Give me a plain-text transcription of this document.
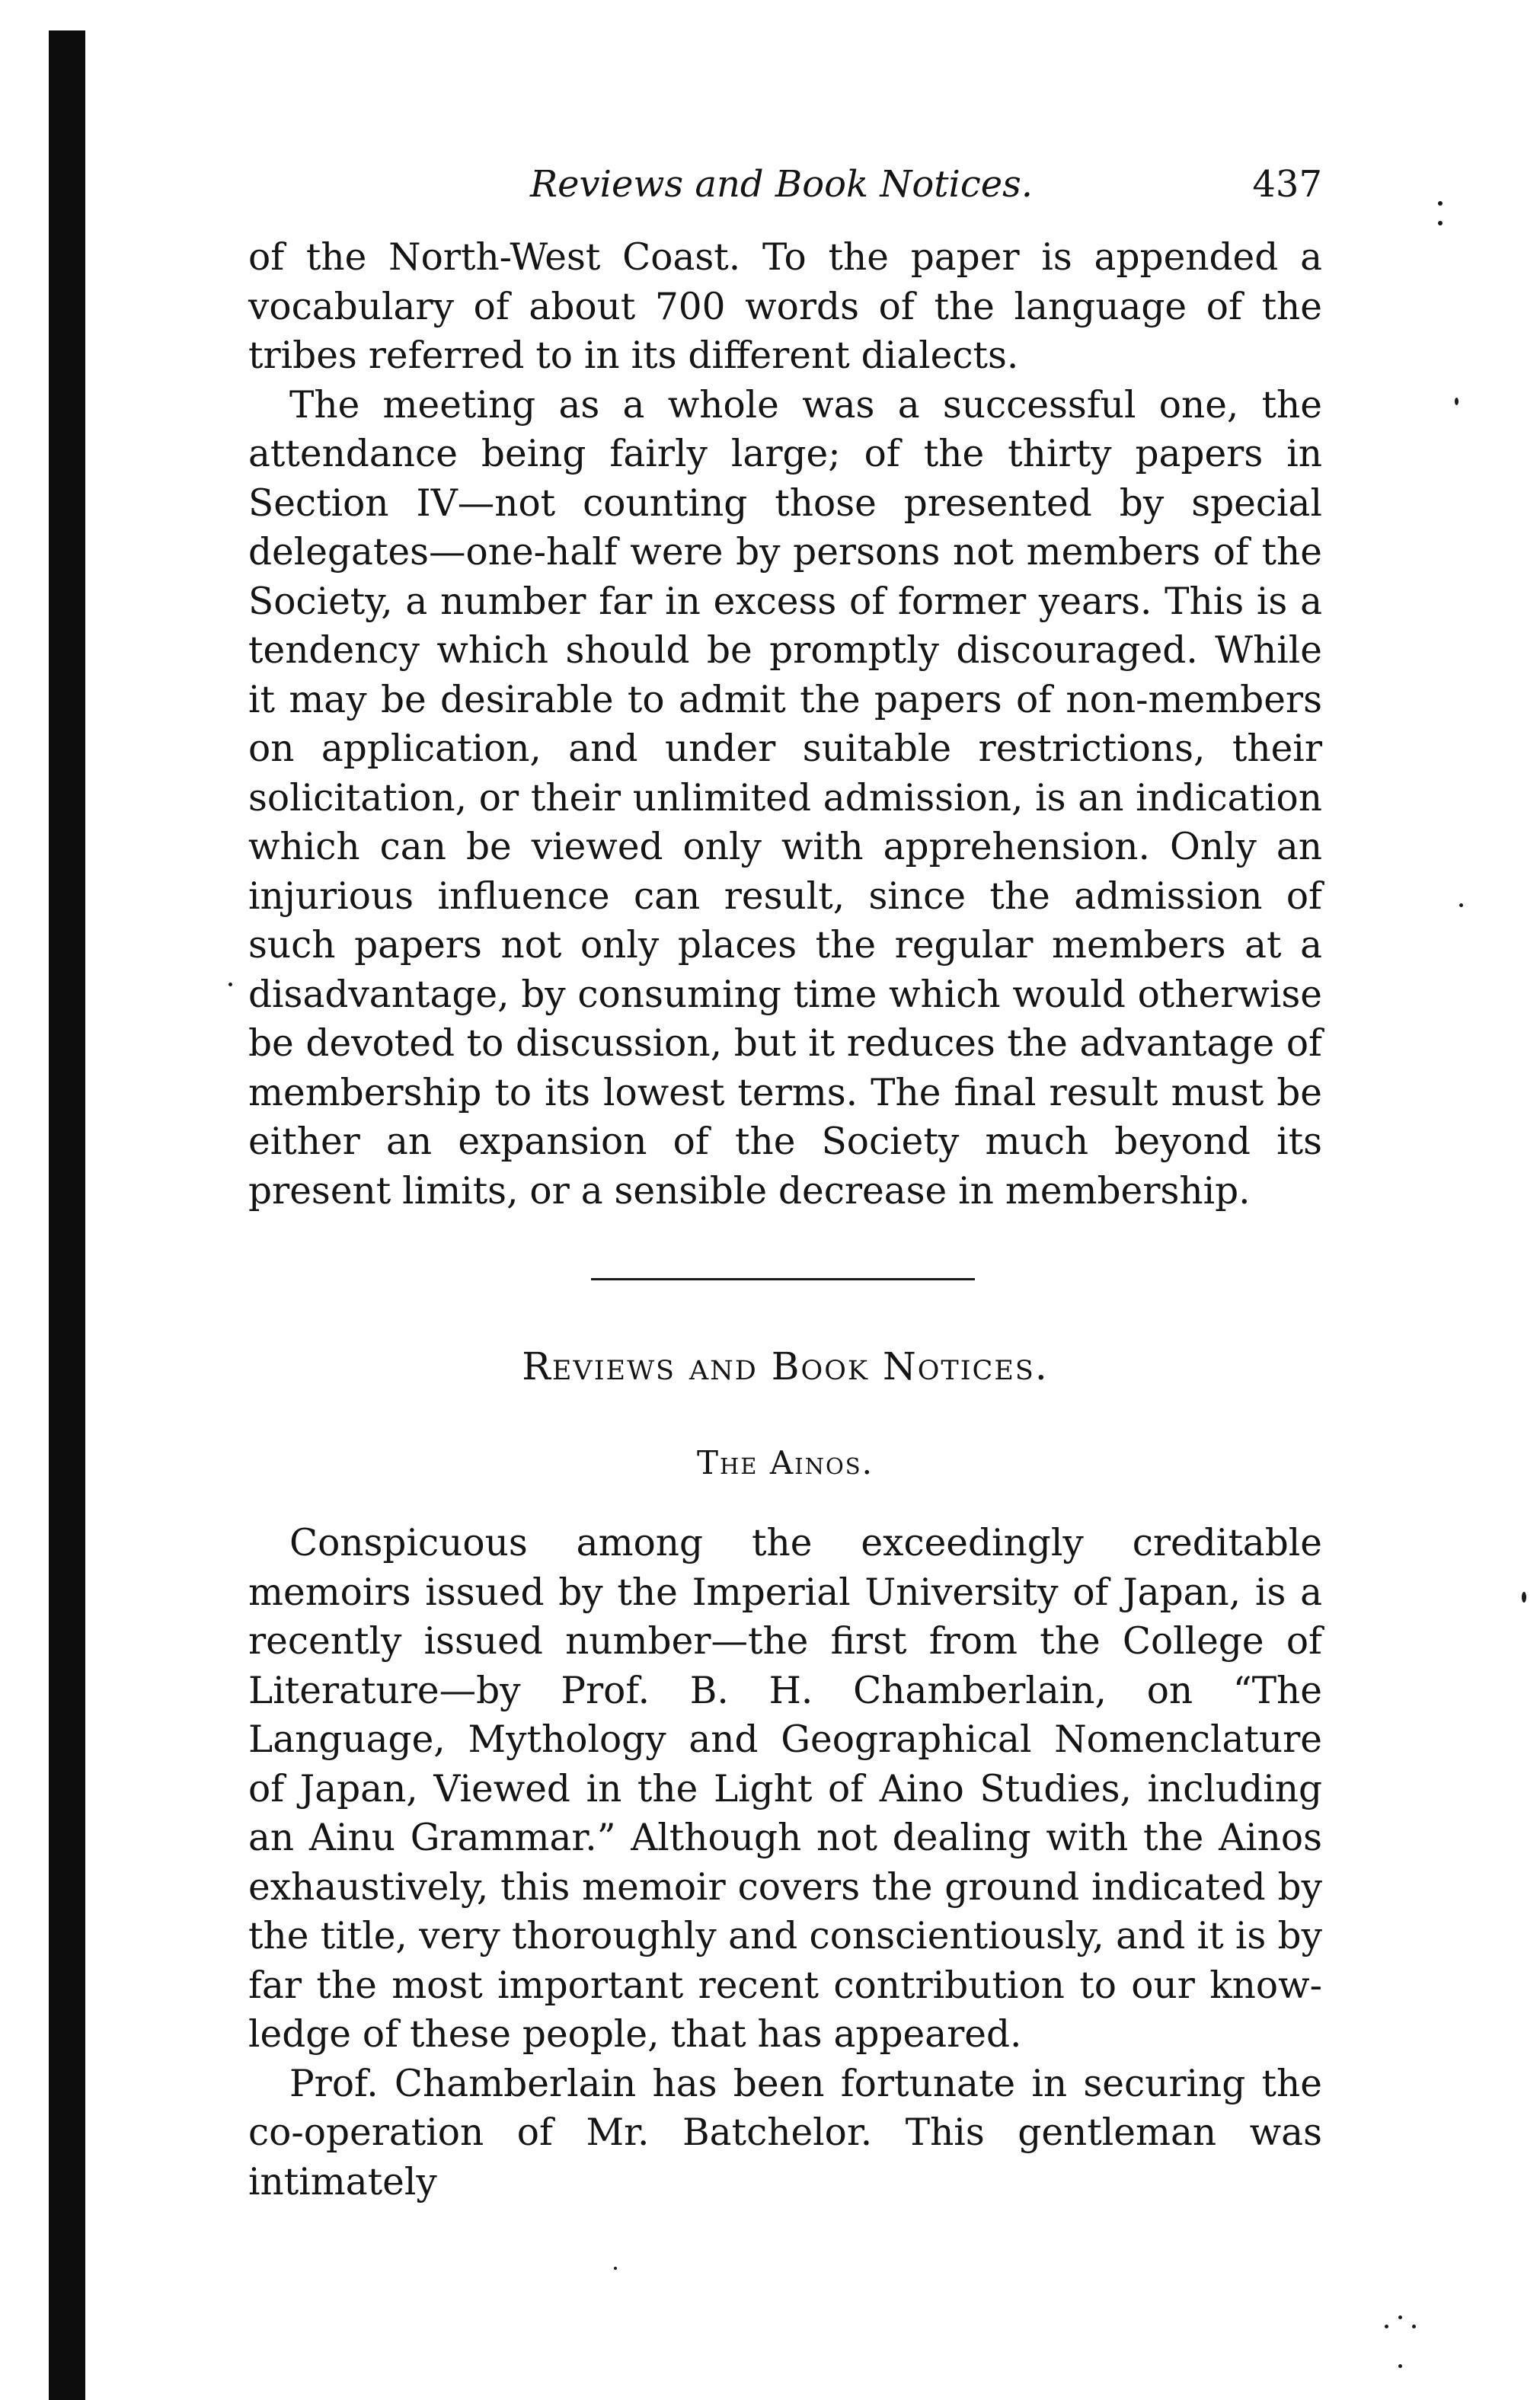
Reviews and Book Notices.	437

of the North-West Coast. To the paper is appended a vocabulary of about 700 words of the language of the tribes referred to in its different dialects.

The meeting as a whole was a successful one, the attendance being fairly large; of the thirty papers in Section IV—not counting those presented by special delegates—one-half were by persons not members of the Society, a number far in excess of former years. This is a tendency which should be promptly discouraged. While it may be desirable to admit the papers of non-members on application, and under suitable restrictions, their solicitation, or their unlimited admission, is an indication which can be viewed only with apprehension. Only an injurious influence can result, since the admission of such papers not only places the regular members at a disadvantage, by consuming time which would otherwise be devoted to discussion, but it reduces the advantage of membership to its lowest terms. The final result must be either an expansion of the Society much beyond its present limits, or a sensible decrease in membership.

Reviews and Book Notices.
The Ainos.

Conspicuous among the exceedingly creditable memoirs issued by the Imperial University of Japan, is a recently issued number—the first from the College of Literature—by Prof. B. H. Chamberlain, on “The Language, Mythology and Geographical Nomenclature of Japan, Viewed in the Light of Aino Studies, including an Ainu Grammar.” Although not dealing with the Ainos exhaustively, this memoir covers the ground indicated by the title, very thoroughly and conscientiously, and it is by far the most important recent contribution to our knowledge of these people, that has appeared.

Prof. Chamberlain has been fortunate in securing the co-operation of Mr. Batchelor. This gentleman was intimately
